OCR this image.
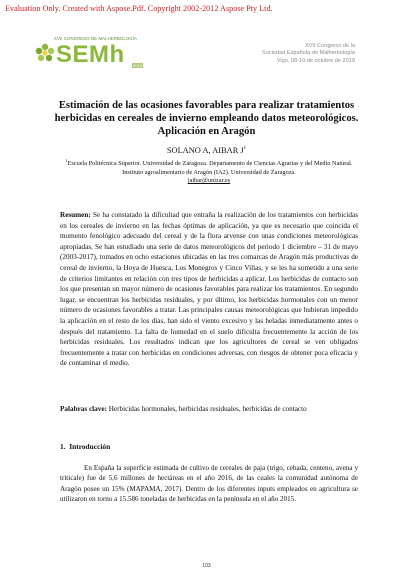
Evaluation Only. Created with Aspose.Pdf. Copyright 2002-2012 Aspose Pty Ltd.
XVII CONGRESO DE MALHERBOLOGÍA
SEMh 2019
XVII Congreso de la
Sociedad Española de Malherbología
Vigo, 08-10 de octubre de 2019
Estimación de las ocasiones favorables para realizar tratamientos herbicidas en cereales de invierno empleando datos meteorológicos. Aplicación en Aragón
SOLANO A, AIBAR $J^1$
$^1$Escuela Politécnica Superior. Universidad de Zaragoza. Departamento de Ciencias Agrarias y del Medio Natural. Instituto agroalimentario de Aragón (IA2). Universidad de Zaragoza.
jaibar@unizar.es
Resumen: Se ha constatado la dificultad que entraña la realización de los tratamientos con herbicidas en los cereales de invierno en las fechas óptimas de aplicación, ya que es necesario que coincida el momento fenológico adecuado del cereal y de la flora arvense con unas condiciones meteorológicas apropiadas. Se han estudiado una serie de datos meteorológicos del periodo 1 diciembre – 31 de mayo (2003-2017), tomados en ocho estaciones ubicadas en las tres comarcas de Aragón más productivas de cereal de invierno, la Hoya de Huesca, Los Monegros y Cinco Villas, y se les ha sometido a una serie de criterios limitantes en relación con tres tipos de herbicidas a aplicar. Los herbicidas de contacto son los que presentan un mayor número de ocasiones favorables para realizar los tratamientos. En segundo lugar, se encuentran los herbicidas residuales, y por último, los herbicidas hormonales con un menor número de ocasiones favorables a tratar. Las principales causas meteorológicas que hubieran impedido la aplicación en el resto de los días, han sido el viento excesivo y las heladas inmediatamente antes o después del tratamiento. La falta de humedad en el suelo dificulta frecuentemente la acción de los herbicidas residuales. Los resultados indican que los agricultores de cereal se ven obligados frecuentemente a tratar con herbicidas en condiciones adversas, con riesgos de obtener poca eficacia y de contaminar el medio.
Palabras clave: Herbicidas hormonales, herbicidas residuales, herbicidas de contacto
1. Introducción
En España la superficie estimada de cultivo de cereales de paja (trigo, cebada, centeno, avena y triticale) fue de 5,6 millones de hectáreas en el año 2016, de las cuales la comunidad autónoma de Aragón posee un 15% (MAPAMA, 2017). Dentro de los diferentes inputs empleados en agricultura se utilizaron en torno a 15.586 toneladas de herbicidas en la península en el año 2015.
103
